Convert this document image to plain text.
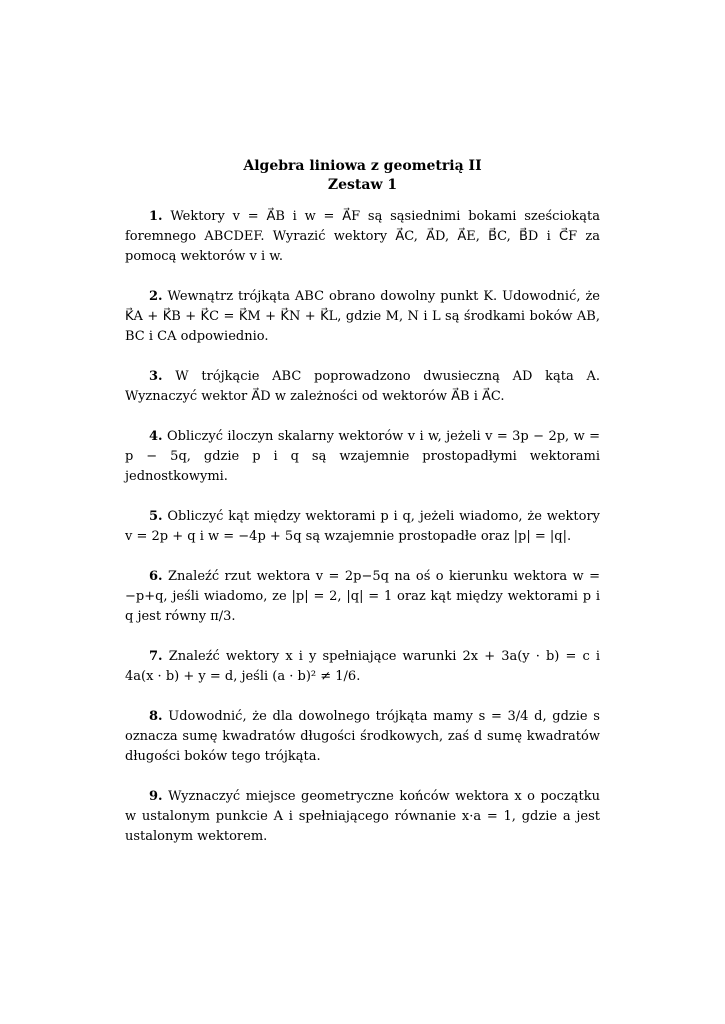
Algebra liniowa z geometrią II
Zestaw 1

1. Wektory v = A⃗B i w = A⃗F są sąsiednimi bokami sześciokąta foremnego ABCDEF. Wyrazić wektory A⃗C, A⃗D, A⃗E, B⃗C, B⃗D i C⃗F za pomocą wektorów v i w.

2. Wewnątrz trójkąta ABC obrano dowolny punkt K. Udowodnić, że K⃗A + K⃗B + K⃗C = K⃗M + K⃗N + K⃗L, gdzie M, N i L są środkami boków AB, BC i CA odpowiednio.

3. W trójkącie ABC poprowadzono dwusieczną AD kąta A. Wyznaczyć wektor A⃗D w zależności od wektorów A⃗B i A⃗C.

4. Obliczyć iloczyn skalarny wektorów v i w, jeżeli v = 3p − 2p, w = p − 5q, gdzie p i q są wzajemnie prostopadłymi wektorami jednostkowymi.

5. Obliczyć kąt między wektorami p i q, jeżeli wiadomo, że wektory v = 2p + q i w = −4p + 5q są wzajemnie prostopadłe oraz |p| = |q|.

6. Znaleźć rzut wektora v = 2p−5q na oś o kierunku wektora w = −p+q, jeśli wiadomo, ze |p| = 2, |q| = 1 oraz kąt między wektorami p i q jest równy π/3.

7. Znaleźć wektory x i y spełniające warunki 2x + 3a(y · b) = c i 4a(x · b) + y = d, jeśli (a · b)² ≠ 1/6.

8. Udowodnić, że dla dowolnego trójkąta mamy s = 3/4 d, gdzie s oznacza sumę kwadratów długości środkowych, zaś d sumę kwadratów długości boków tego trójkąta.

9. Wyznaczyć miejsce geometryczne końców wektora x o początku w ustalonym punkcie A i spełniającego równanie x·a = 1, gdzie a jest ustalonym wektorem.
